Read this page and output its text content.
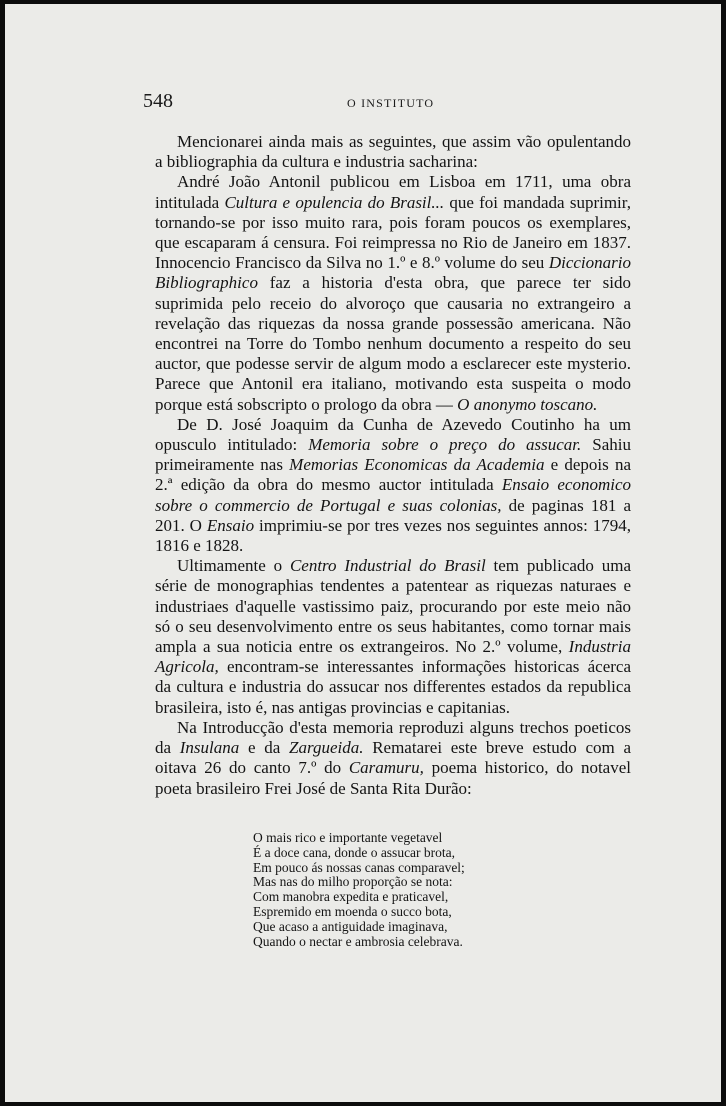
548	O INSTITUTO

Mencionarei ainda mais as seguintes, que assim vão opulentando a bibliographia da cultura e industria sacharina:

André João Antonil publicou em Lisboa em 1711, uma obra intitulada Cultura e opulencia do Brasil... que foi mandada suprimir, tornando-se por isso muito rara, pois foram poucos os exemplares, que escaparam á censura. Foi reimpressa no Rio de Janeiro em 1837. Innocencio Francisco da Silva no 1.º e 8.º volume do seu Diccionario Bibliographico faz a historia d'esta obra, que parece ter sido suprimida pelo receio do alvoroço que causaria no extrangeiro a revelação das riquezas da nossa grande possessão americana. Não encontrei na Torre do Tombo nenhum documento a respeito do seu auctor, que podesse servir de algum modo a esclarecer este mysterio. Parece que Antonil era italiano, motivando esta suspeita o modo porque está sobscripto o prologo da obra — O anonymo toscano.

De D. José Joaquim da Cunha de Azevedo Coutinho ha um opusculo intitulado: Memoria sobre o preço do assucar. Sahiu primeiramente nas Memorias Economicas da Academia e depois na 2.ª edição da obra do mesmo auctor intitulada Ensaio economico sobre o commercio de Portugal e suas colonias, de paginas 181 a 201. O Ensaio imprimiu-se por tres vezes nos seguintes annos: 1794, 1816 e 1828.

Ultimamente o Centro Industrial do Brasil tem publicado uma série de monographias tendentes a patentear as riquezas naturaes e industriaes d'aquelle vastissimo paiz, procurando por este meio não só o seu desenvolvimento entre os seus habitantes, como tornar mais ampla a sua noticia entre os extrangeiros. No 2.º volume, Industria Agricola, encontram-se interessantes informações historicas ácerca da cultura e industria do assucar nos differentes estados da republica brasileira, isto é, nas antigas provincias e capitanias.

Na Introducção d'esta memoria reproduzi alguns trechos poeticos da Insulana e da Zargueida. Rematarei este breve estudo com a oitava 26 do canto 7.º do Caramuru, poema historico, do notavel poeta brasileiro Frei José de Santa Rita Durão:

O mais rico e importante vegetavel
É a doce cana, donde o assucar brota,
Em pouco ás nossas canas comparavel;
Mas nas do milho proporção se nota:
Com manobra expedita e praticavel,
Espremido em moenda o succo bota,
Que acaso a antiguidade imaginava,
Quando o nectar e ambrosia celebrava.
